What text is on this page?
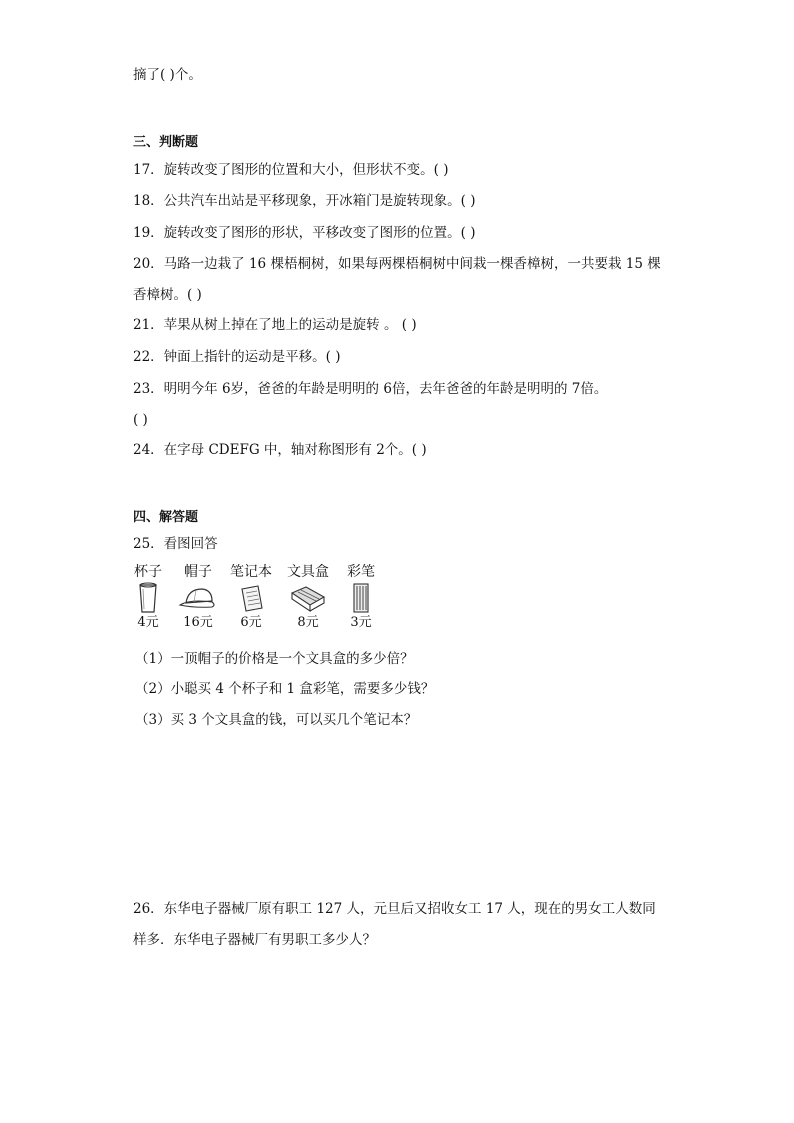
摘了( )个。
三、判断题
17．旋转改变了图形的位置和大小，但形状不变。( )
18．公共汽车出站是平移现象，开冰箱门是旋转现象。( )
19．旋转改变了图形的形状，平移改变了图形的位置。( )
20．马路一边栽了 16 棵梧桐树，如果每两棵梧桐树中间栽一棵香樟树，一共要栽 15 棵
香樟树。( )
21．苹果从树上掉在了地上的运动是旋转 。 ( )
22．钟面上指针的运动是平移。( )
23．明明今年 6岁，爸爸的年龄是明明的 6倍，去年爸爸的年龄是明明的 7倍。
( )
24．在字母 CDEFG 中，轴对称图形有 2个。( )
四、解答题
25．看图回答
杯子
4元
帽子
16元
笔记本
6元
文具盒
8元
彩笔
3元
（1）一顶帽子的价格是一个文具盒的多少倍？
（2）小聪买 4 个杯子和 1 盒彩笔，需要多少钱？
（3）买 3 个文具盒的钱，可以买几个笔记本？
26．东华电子器械厂原有职工 127 人，元旦后又招收女工 17 人，现在的男女工人数同
样多．东华电子器械厂有男职工多少人？
